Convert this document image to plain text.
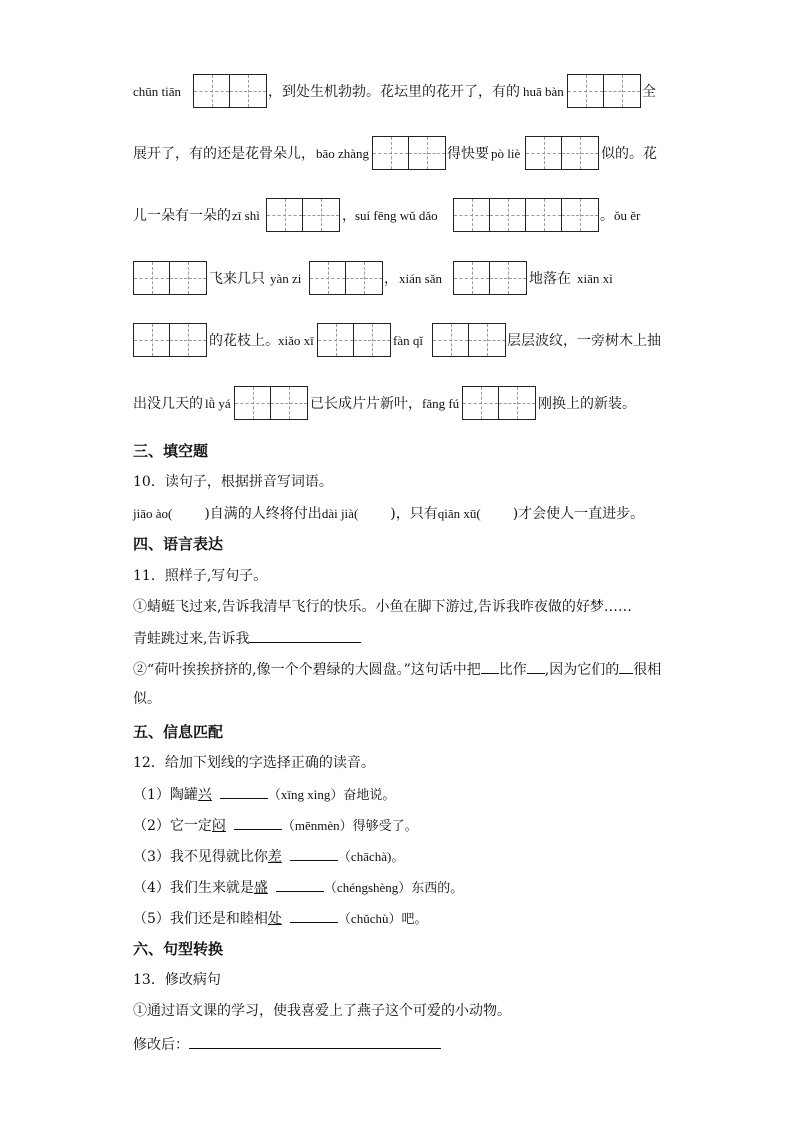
chūn tiān	，到处生机勃勃。花坛里的花开了，有的 huā bàn	全
展开了，有的还是花骨朵儿， bāo zhàng	得快要 pò liè	似的。花
儿一朵有一朵的 zī shì	， suí fēng wǔ dǎo	。 ǒu ěr
飞来几只 yàn zi	， xián sǎn	地落在 xiān xì
的花枝上。 xiǎo xī	fàn qǐ	层层波纹，一旁树木上抽
出没几天的 lǜ yá	已长成片片新叶， fǎng fú	刚换上的新装。
三、填空题
10．读句子，根据拼音写词语。
jiāo ào( )自满的人终将付出dài jià( )，只有qiān xū( )才会使人一直进步。
四、语言表达
11．照样子,写句子。
①蜻蜓飞过来,告诉我清早飞行的快乐。小鱼在脚下游过,告诉我昨夜做的好梦……
青蛙跳过来,告诉我
②“荷叶挨挨挤挤的,像一个个碧绿的大圆盘。”这句话中把 比作 ,因为它们的 很相
似。
五、信息匹配
12．给加下划线的字选择正确的读音。
（1）陶罐兴	（xīng xìng）奋地说。
（2）它一定闷	（mēnmèn）得够受了。
（3）我不见得就比你差	（chāchà)。
（4）我们生来就是盛	（chéngshèng）东西的。
（5）我们还是和睦相处	（chǔchù）吧。
六、句型转换
13．修改病句
①通过语文课的学习，使我喜爱上了燕子这个可爱的小动物。
修改后：
